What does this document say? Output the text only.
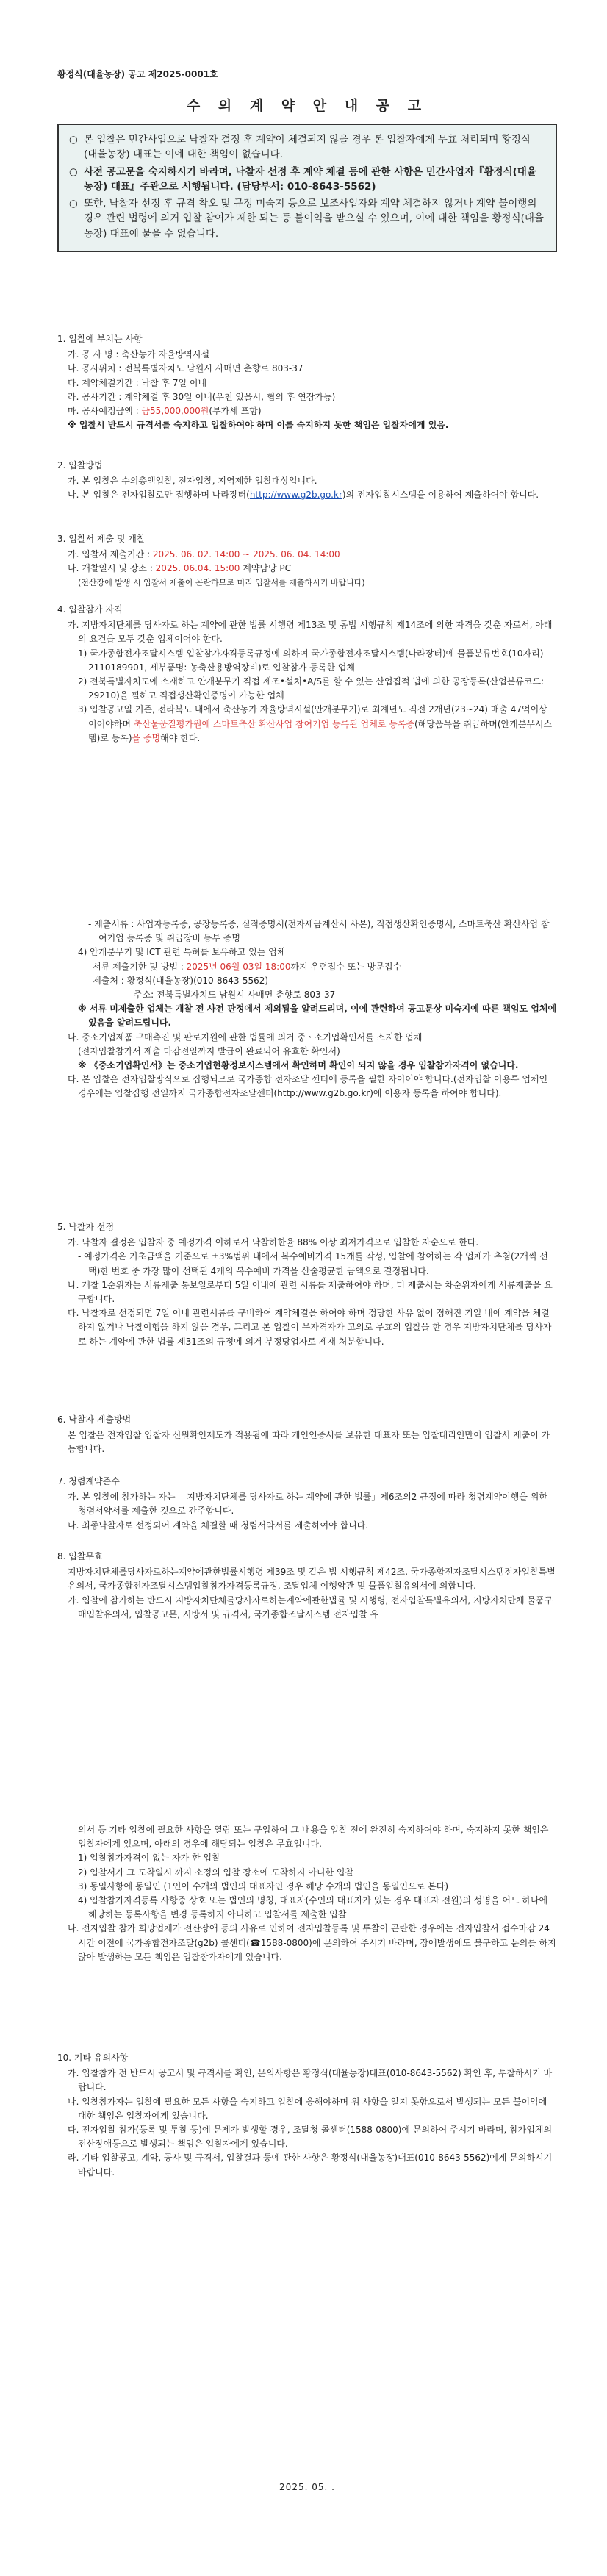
황정식(대율농장) 공고 제2025-0001호
수 의 계 약 안 내 공 고
○ 본 입찰은 민간사업으로 낙찰자 결정 후 계약이 체결되지 않을 경우 본 입찰자에게 무효 처리되며 황정식(대율농장) 대표는 이에 대한 책임이 없습니다.
○ 사전 공고문을 숙지하시기 바라며, 낙찰자 선정 후 계약 체결 등에 관한 사항은 민간사업자『황정식(대율농장) 대표』주관으로 시행됩니다. (담당부서: 010-8643-5562)
○ 또한, 낙찰자 선정 후 규격 착오 및 규정 미숙지 등으로 보조사업자와 계약 체결하지 않거나 계약 불이행의 경우 관련 법령에 의거 입찰 참여가 제한 되는 등 불이익을 받으실 수 있으며, 이에 대한 책임을 황정식(대율농장) 대표에 물을 수 없습니다.
1. 입찰에 부치는 사항
가. 공 사 명 : 축산농가 자율방역시설
나. 공사위치 : 전북특별자치도 남원시 사매면 춘향로 803-37
다. 계약체결기간 : 낙찰 후 7일 이내
라. 공사기간 : 계약체결 후 30일 이내(우천 있을시, 협의 후 연장가능)
마. 공사예정금액 : 금55,000,000원(부가세 포함)
※ 입찰시 반드시 규격서를 숙지하고 입찰하여야 하며 이를 숙지하지 못한 책임은 입찰자에게 있음.
2. 입찰방법
가. 본 입찰은 수의총액입찰, 전자입찰, 지역제한 입찰대상입니다.
나. 본 입찰은 전자입찰로만 집행하며 나라장터(http://www.g2b.go.kr)의 전자입찰시스템을 이용하여 제출하여야 합니다.
3. 입찰서 제출 및 개찰
가. 입찰서 제출기간 : 2025. 06. 02. 14:00 ~ 2025. 06. 04. 14:00
나. 개찰일시 및 장소 : 2025. 06.04. 15:00 계약담당 PC
(전산장애 발생 시 입찰서 제출이 곤란하므로 미리 입찰서를 제출하시기 바랍니다)
4. 입찰참가 자격
가. 지방자치단체를 당사자로 하는 계약에 관한 법률 시행령 제13조 및 동법 시행규칙 제14조에 의한 자격을 갖춘 자로서, 아래의 요건을 모두 갖춘 업체이어야 한다.
1) 국가종합전자조달시스템 입찰참가자격등록규정에 의하여 국가종합전자조달시스템(나라장터)에 물품분류번호(10자리) 2110189901, 세부품명: 농축산용방역장비)로 입찰참가 등록한 업체
2) 전북특별자치도에 소재하고 안개분무기 직접 제조•설치•A/S를 할 수 있는 산업집적 법에 의한 공장등록(산업분류코드: 29210)을 필하고 직접생산확인증명이 가능한 업체
3) 입찰공고일 기준, 전라북도 내에서 축산농가 자율방역시설(안개분무기)로 최계년도 직전 2개년(23~24) 매출 47억이상 이어야하며 축산물품질평가원에 스마트축산 확산사업 참여기업 등록된 업체로 등록증(해당품목을 취급하며(안개분무시스템)로 등록)을 증명해야 한다.
- 제출서류 : 사업자등록증, 공장등록증, 실적증명서(전자세금계산서 사본), 직접생산확인증명서, 스마트축산 확산사업 참여기업 등록증 및 취급장비 등부 증명
4) 안개분무기 및 ICT 관련 특허를 보유하고 있는 업체
- 서류 제출기한 및 방법 : 2025년 06월 03일 18:00까지 우편접수 또는 방문접수
- 제출처 : 황정식(대율농장)(010-8643-5562)
주소: 전북특별자치도 남원시 사매면 춘향로 803-37
※ 서류 미제출한 업체는 개찰 전 사전 판정에서 제외됨을 알려드리며, 이에 관련하여 공고문상 미숙지에 따른 책임도 업체에 있음을 알려드립니다.
나. 중소기업제품 구매촉진 및 판로지원에 관한 법률에 의거 중ㆍ소기업확인서를 소지한 업체
(전자입찰참가서 제출 마감전일까지 발급이 완료되어 유효한 확인서)
※ 《중소기업확인서》는 중소기업현황정보시스템에서 확인하며 확인이 되지 않을 경우 입찰참가자격이 없습니다.
다. 본 입찰은 전자입찰방식으로 집행되므로 국가종합 전자조달 센터에 등록을 필한 자이어야 합니다.(전자입찰 이용특 업체인 경우에는 입찰집행 전일까지 국가종합전자조달센터(http://www.g2b.go.kr)에 이용자 등록을 하여야 합니다).
5. 낙찰자 선정
가. 낙찰자 결정은 입찰자 중 예정가격 이하로서 낙찰하한율 88% 이상 최저가격으로 입찰한 자순으로 한다.
- 예정가격은 기초금액을 기준으로 ±3%범위 내에서 복수예비가격 15개를 작성, 입찰에 참여하는 각 업체가 추첨(2개씩 선택)한 번호 중 가장 많이 선택된 4개의 복수예비 가격을 산술평균한 금액으로 결정됩니다.
나. 개찰 1순위자는 서류제출 통보일로부터 5일 이내에 관련 서류를 제출하여야 하며, 미 제출시는 차순위자에게 서류제출을 요구합니다.
다. 낙찰자로 선정되면 7일 이내 관련서류를 구비하여 계약체결을 하여야 하며 정당한 사유 없이 정해진 기일 내에 계약을 체결하지 않거나 낙찰이행을 하지 않을 경우, 그리고 본 입찰이 무자격자가 고의로 무효의 입찰을 한 경우 지방자치단체를 당사자로 하는 계약에 관한 법률 제31조의 규정에 의거 부정당업자로 제재 처분합니다.
6. 낙찰자 제출방법
본 입찰은 전자입찰 입찰자 신원확인제도가 적용됨에 따라 개인인증서를 보유한 대표자 또는 입찰대리인만이 입찰서 제출이 가능합니다.
7. 청렴계약준수
가. 본 입찰에 참가하는 자는 「지방자치단체를 당사자로 하는 계약에 관한 법률」제6조의2 규정에 따라 청렴계약이행을 위한 청렴서약서를 제출한 것으로 간주합니다.
나. 최종낙찰자로 선정되어 계약을 체결할 때 청렴서약서를 제출하여야 합니다.
8. 입찰무효
지방자치단체를당사자로하는계약에관한법률시행령 제39조 및 같은 법 시행규칙 제42조, 국가종합전자조달시스템전자입찰특별유의서, 국가종합전자조달시스템입찰참가자격등록규정, 조달업체 이행약관 및 물품입찰유의서에 의합니다.
가. 입찰에 참가하는 반드시 지방자치단체를당사자로하는계약에관한법률 및 시행령, 전자입찰특별유의서, 지방자치단체 물품구매입찰유의서, 입찰공고문, 시방서 및 규격서, 국가종합조달시스템 전자입찰 유
의서 등 기타 입찰에 필요한 사항을 열람 또는 구입하여 그 내용을 입찰 전에 완전히 숙지하여야 하며, 숙지하지 못한 책임은 입찰자에게 있으며, 아래의 경우에 해당되는 입찰은 무효입니다.
1) 입찰참가자격이 없는 자가 한 입찰
2) 입찰서가 그 도착일시 까지 소정의 입찰 장소에 도착하지 아니한 입찰
3) 동일사항에 동일인 (1인이 수개의 법인의 대표자인 경우 해당 수개의 법인을 동일인으로 본다)
4) 입찰참가자격등록 사항중 상호 또는 법인의 명칭, 대표자(수인의 대표자가 있는 경우 대표자 전원)의 성명을 어느 하나에 해당하는 등록사항을 변경 등록하지 아니하고 입찰서를 제출한 입찰
나. 전자입찰 참가 희망업체가 전산장애 등의 사유로 인하여 전자입찰등록 및 투찰이 곤란한 경우에는 전자입찰서 접수마감 24시간 이전에 국가종합전자조달(g2b) 콜센터(☎1588-0800)에 문의하여 주시기 바라며, 장애발생에도 불구하고 문의를 하지 않아 발생하는 모든 책임은 입찰참가자에게 있습니다.
10. 기타 유의사항
가. 입찰참가 전 반드시 공고서 및 규격서를 확인, 문의사항은 황정식(대율농장)대표(010-8643-5562) 확인 후, 투찰하시기 바랍니다.
나. 입찰참가자는 입찰에 필요한 모든 사항을 숙지하고 입찰에 응해야하며 위 사항을 알지 못함으로서 발생되는 모든 불이익에 대한 책임은 입찰자에게 있습니다.
다. 전자입찰 참가(등록 및 투찰 등)에 문제가 발생할 경우, 조달청 콜센터(1588-0800)에 문의하여 주시기 바라며, 참가업체의 전산장애등으로 발생되는 책임은 입찰자에게 있습니다.
라. 기타 입찰공고, 계약, 공사 및 규격서, 입찰결과 등에 관한 사항은 황정식(대율농장)대표(010-8643-5562)에게 문의하시기 바랍니다.
2025. 05. .
